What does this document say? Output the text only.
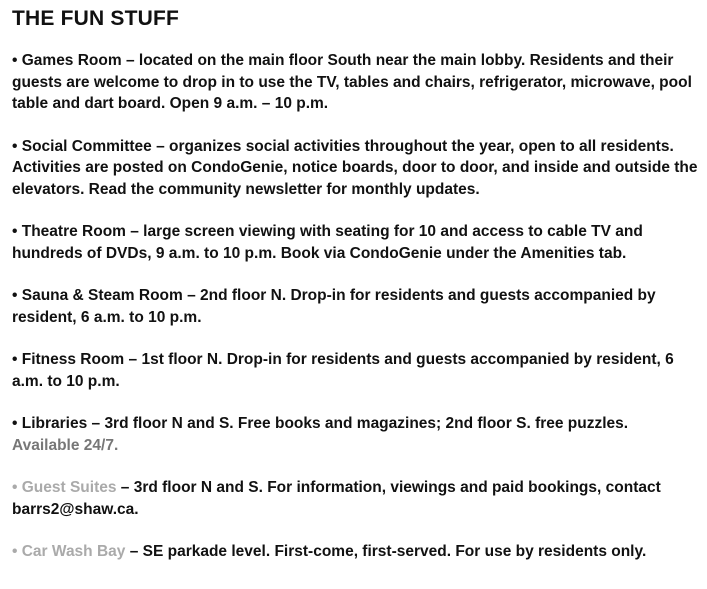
THE FUN STUFF
• Games Room – located on the main floor South near the main lobby. Residents and their guests are welcome to drop in to use the TV, tables and chairs, refrigerator, microwave, pool table and dart board. Open 9 a.m. – 10 p.m.
• Social Committee – organizes social activities throughout the year, open to all residents. Activities are posted on CondoGenie, notice boards, door to door, and inside and outside the elevators. Read the community newsletter for monthly updates.
• Theatre Room – large screen viewing with seating for 10 and access to cable TV and hundreds of DVDs, 9 a.m. to 10 p.m. Book via CondoGenie under the Amenities tab.
• Sauna & Steam Room – 2nd floor N. Drop-in for residents and guests accompanied by resident, 6 a.m. to 10 p.m.
• Fitness Room – 1st floor N. Drop-in for residents and guests accompanied by resident, 6 a.m. to 10 p.m.
• Libraries – 3rd floor N and S. Free books and magazines; 2nd floor S. free puzzles.
Available 24/7.
• Guest Suites – 3rd floor N and S. For information, viewings and paid bookings, contact barrs2@shaw.ca.
• Car Wash Bay – SE parkade level. First-come, first-served. For use by residents only.
